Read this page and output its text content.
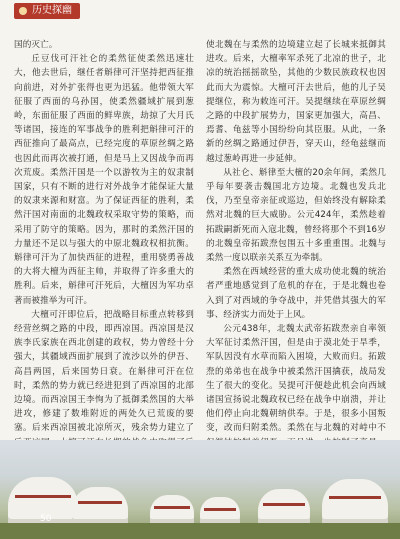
历史探幽

国的灭亡。

丘豆伐可汗社仑的柔然征使柔然迅速壮大，他去世后，继任者斛律可汗坚持把西征推向前进，对外扩张得也更为迅猛。他带领大军征服了西面的乌孙国，使柔然疆域扩展到葱岭，东面征服了西面的鲜卑族，劫掠了大月氏等诸国，接连的军事战争的胜利把斛律可汗的西征推向了最高点，已经完度的草原丝绸之路也因此而再次被打通，但是马上又因战争而再次荒废。柔然汗国是一个以游牧为主的奴隶制国家，只有不断的进行对外战争才能保证大量的奴隶来源和财富。为了保证西征的胜利，柔然汗国对南面的北魏政权采取守势的策略，而采用了防守的策略。因为，那时的柔然汗国的力量还不足以与强大的中原北魏政权相抗衡。斛律可汗为了加快西征的进程，重用骁勇善战的大将大檀为西征主帅，并取得了许多重大的胜利。后来，斛律可汗死后，大檀因为军功卓著而被推举为可汗。

大檀可汗即位后，把战略目标重点转移到经营丝绸之路的中段，即西凉国。西凉国是汉族李氏家族在西北创建的政权，势力曾经十分强大，其疆域西面扩展到了流沙以外的伊吾、高昌两国，后来国势日衰。在斛律可汗在位时，柔然的势力就已经进犯到了西凉国的北部边境。而西凉国王李恂为了抵御柔然国的大举进攻，修建了数堆附近的两处久已荒废的要塞。后来西凉国被北凉所灭，残余势力建立了

使北魏在与柔然的边境建立起了长城来抵御其进攻。后来，大檀率军杀死了北凉的世子，北凉的统治摇摇欲坠，其他的少数民族政权也因此而大为震惊。大檀可汗去世后，他的儿子吴提继位，称为敕连可汗。吴提继续在草原丝绸之路的中段扩展势力，国家更加强大，高昌、焉耆、龟兹等小国纷纷向其臣服。从此，一条新的丝绸之路通过伊吾，穿天山，经龟兹继而越过葱岭再进一步延伸。

从社仑、斛律至大檀的20余年间，柔然几乎每年要袭击魏国北方边境。北魏也发兵北伐，乃至皇帝亲征或巡边，但始终没有解除柔然对北魏的巨大威胁。公元424年，柔然趁着拓跋嗣新死而入寇北魏，曾经将那个不到16岁的北魏皇帝拓跋焘包围五十多重重围。北魏与柔然一度以联亲关系互为牵制。

柔然在西域经营的重大成功使北魏的统治者严重地感觉到了危机的存在，于是北魏也卷入到了对西域的争夺战中，并凭借其强大的军事、经济实力而处于上风。

公元438年，北魏太武帝拓跋焘亲自率领大军征讨柔然汗国，但是由于漠北处于旱季，军队因没有水草而陷入困境，大败而归。拓跋焘的弟弟也在战争中被柔然汗国擒获，战局发生了很大的变化。吴提可汗便趁此机会向西域诸国宣扬说北魏政权已经在战争中崩溃，并让他们停止向北魏朝纳供奉。于是，很多小国叛变，改而归附柔然。柔然在与北魏的对峙中不

50
